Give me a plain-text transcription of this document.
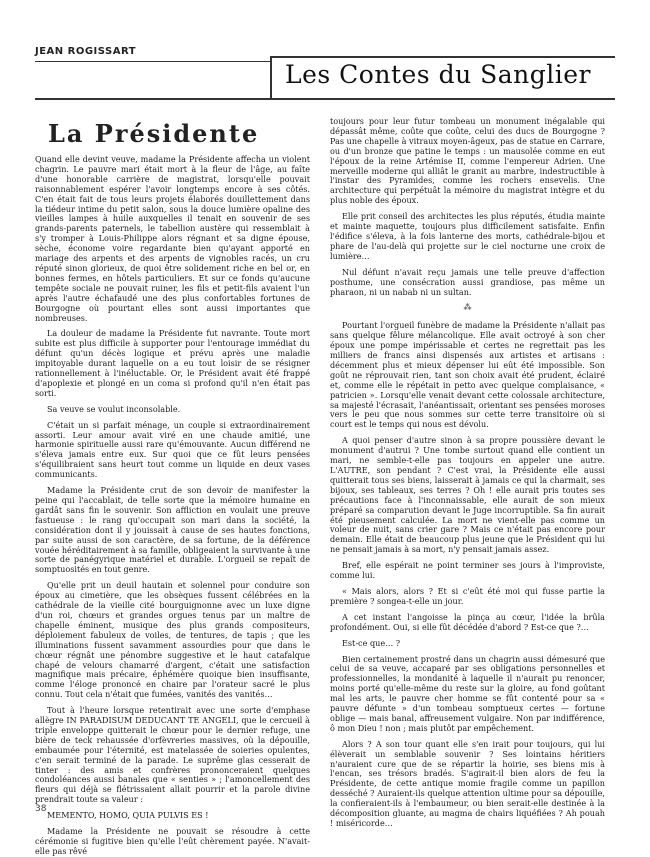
JEAN ROGISSART
Les Contes du Sanglier
La Présidente

Quand elle devint veuve, madame la Présidente affecha un violent chagrin. Le pauvre mari était mort à la fleur de l'âge, au faîte d'une honorable carrière de magistrat, lorsqu'elle pouvait raisonnablement espérer l'avoir longtemps encore à ses côtés. C'en était fait de tous leurs projets élaborés douillettement dans la tiédeur intime du petit salon, sous la douce lumière opaline des vieilles lampes à huile auxquelles il tenait en souvenir de ses grands-parents paternels, le tabellion austère qui ressemblait à s'y tromper à Louis-Philippe alors régnant et sa digne épouse, sèche, économe voire regardante bien qu'ayant apporté en mariage des arpents et des arpents de vignobles racés, un cru réputé sinon glorieux, de quoi être solidement riche en bel or, en bonnes fermes, en hôtels particuliers. Et sur ce fonds qu'aucune tempête sociale ne pouvait ruiner, les fils et petit-fils avaient l'un après l'autre échafaudé une des plus confortables fortunes de Bourgogne où pourtant elles sont aussi importantes que nombreuses.

La douleur de madame la Présidente fut navrante. Toute mort subite est plus difficile à supporter pour l'entourage immédiat du défunt qu'un décès logique et prévu après une maladie impitoyable durant laquelle on a eu tout loisir de se résigner rationnellement à l'inéluctable. Or, le Président avait été frappé d'apoplexie et plongé en un coma si profond qu'il n'en était pas sorti.

Sa veuve se voulut inconsolable.

C'était un si parfait ménage, un couple si extraordinairement assorti. Leur amour avait viré en une chaude amitié, une harmonie spirituelle aussi rare qu'émouvante. Aucun différend ne s'éleva jamais entre eux. Sur quoi que ce fût leurs pensées s'équilibraient sans heurt tout comme un liquide en deux vases communicants.

Madame la Présidente crut de son devoir de manifester la peine qui l'accablait, de telle sorte que la mémoire humaine en gardât sans fin le souvenir. Son affliction en voulait une preuve fastueuse : le rang qu'occupait son mari dans la société, la considération dont il y jouissait à cause de ses hautes fonctions, par suite aussi de son caractère, de sa fortune, de la déférence vouée héréditairement à sa famille, obligeaient la survivante à une sorte de panégyrique matériel et durable. L'orgueil se repaît de somptuosités en tout genre.

Qu'elle prit un deuil hautain et solennel pour conduire son époux au cimetière, que les obsèques fussent célébrées en la cathédrale de la vieille cité bourguignonne avec un luxe digne d'un roi, chœurs et grandes orgues tenus par un maître de chapelle éminent, musique des plus grands compositeurs, déploiement fabuleux de voiles, de tentures, de tapis ; que les illuminations fussent savamment assourdies pour que dans le chœur régnât une pénombre suggestive et le haut catafalque chapé de velours chamarré d'argent, c'était une satisfaction magnifique mais précaire, éphémère quoique bien insuffisante, comme l'éloge prononcé en chaire par l'orateur sacré le plus connu. Tout cela n'était que fumées, vanités des vanités…

Tout à l'heure lorsque retentirait avec une sorte d'emphase allègre IN PARADISUM DEDUCANT TE ANGELI, que le cercueil à triple enveloppe quitterait le chœur pour le dernier refuge, une bière de teck rehaussée d'orfèvreries massives, où la dépouille, embaumée pour l'éternité, est matelassée de soieries opulentes, c'en serait terminé de la parade. Le suprême glas cesserait de tinter : des amis et confrères prononceraient quelques condoléances aussi banales que « senties » ; l'amoncellement des fleurs qui déjà se flétrissaient allait pourrir et la parole divine prendrait toute sa valeur :

MEMENTO, HOMO, QUIA PULVIS ES !

Madame la Présidente ne pouvait se résoudre à cette cérémonie si fugitive bien qu'elle l'eût chèrement payée. N'avait-elle pas rêvé

toujours pour leur futur tombeau un monument inégalable qui dépassât même, coûte que coûte, celui des ducs de Bourgogne ? Pas une chapelle à vitraux moyen-âgeux, pas de statue en Carrare, ou d'un bronze que patine le temps : un mausolée comme en eut l'époux de la reine Artémise II, comme l'empereur Adrien. Une merveille moderne qui alliât le granit au marbre, indestructible à l'instar des Pyramides, comme les rochers ensevelis. Une architecture qui perpétuât la mémoire du magistrat intègre et du plus noble des époux.

Elle prit conseil des architectes les plus réputés, étudia mainte et mainte maquette, toujours plus difficilement satisfaite. Enfin l'édifice s'éleva, à la fois lanterne des morts, cathédrale-bijou et phare de l'au-delà qui projette sur le ciel nocturne une croix de lumière…

Nul défunt n'avait reçu jamais une telle preuve d'affection posthume, une consécration aussi grandiose, pas même un pharaon, ni un nabab ni un sultan.

⁂

Pourtant l'orgueil funèbre de madame la Présidente n'allait pas sans quelque fêlure mélancolique. Elle avait octroyé à son cher époux une pompe impérissable et certes ne regrettait pas les milliers de francs ainsi dispensés aux artistes et artisans : décemment plus et mieux dépenser lui eût été impossible. Son goût ne réprouvait rien, tant son choix avait été prudent, éclairé et, comme elle le répétait in petto avec quelque complaisance, « patricien ». Lorsqu'elle venait devant cette colossale architecture, sa majesté l'écrasait, l'anéantissait, orientant ses pensées moroses vers le peu que nous sommes sur cette terre transitoire où si court est le temps qui nous est dévolu.

A quoi penser d'autre sinon à sa propre poussière devant le monument d'autrui ? Une tombe surtout quand elle contient un mari, ne semble-t-elle pas toujours en appeler une autre. L'AUTRE, son pendant ? C'est vrai, la Présidente elle aussi quitterait tous ses biens, laisserait à jamais ce qui la charmait, ses bijoux, ses tableaux, ses terres ? Oh ! elle aurait pris toutes ses précautions face à l'inconnaissable, elle aurait de son mieux préparé sa comparution devant le Juge incorruptible. Sa fin aurait été pieusement calculée. La mort ne vient-elle pas comme un voleur de nuit, sans crier gare ? Mais ce n'était pas encore pour demain. Elle était de beaucoup plus jeune que le Président qui lui ne pensait jamais à sa mort, n'y pensait jamais assez.

Bref, elle espérait ne point terminer ses jours à l'improviste, comme lui.

« Mais alors, alors ? Et si c'eût été moi qui fusse partie la première ? songea-t-elle un jour.

A cet instant l'angoisse la pinça au cœur, l'idée la brûla profondément. Oui, si elle fût décédée d'abord ? Est-ce que ?…

Est-ce que… ?

Bien certainement prostré dans un chagrin aussi démesuré que celui de sa veuve, accaparé par ses obligations personnelles et professionnelles, la mondanité à laquelle il n'aurait pu renoncer, moins porté qu'elle-même du reste sur la gloire, au fond goûtant mal les arts, le pauvre cher homme se fût contenté pour sa « pauvre défunte » d'un tombeau somptueux certes — fortune oblige — mais banal, affreusement vulgaire. Non par indifférence, ô mon Dieu ! non ; mais plutôt par empêchement.

Alors ? A son tour quant elle s'en irait pour toujours, qui lui élèverait un semblable souvenir ? Ses lointains héritiers n'auraient cure que de se répartir la hoirie, ses biens mis à l'encan, ses trésors bradés. S'agirait-il bien alors de feu la Présidente, de cette antique momie fragile comme un papillon desséché ? Auraient-ils quelque attention ultime pour sa dépouille, la confieraient-ils à l'embaumeur, ou bien serait-elle destinée à la décomposition gluante, au magma de chairs liquéfiées ? Ah pouah ! miséricorde…

38
